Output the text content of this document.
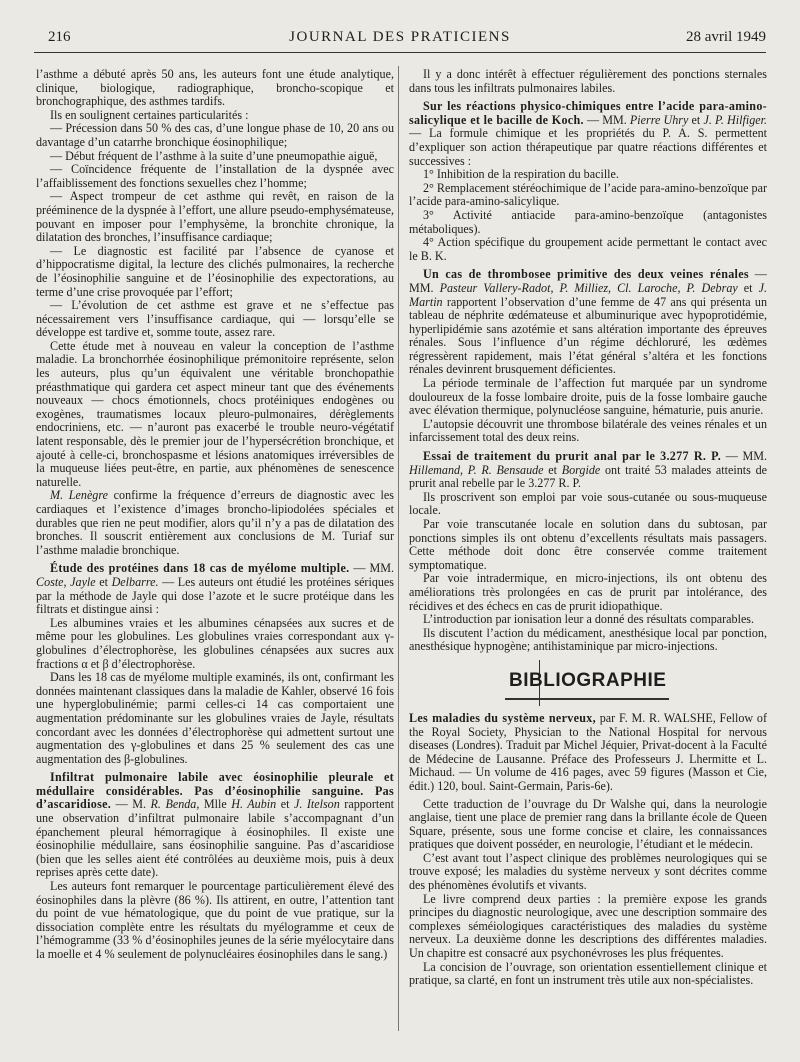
216	JOURNAL DES PRATICIENS	28 avril 1949

l’asthme a débuté après 50 ans, les auteurs font une étude analytique, clinique, biologique, radiographique, broncho-scopique et bronchographique, des asthmes tardifs.

Ils en soulignent certaines particularités :

— Précession dans 50 % des cas, d’une longue phase de 10, 20 ans ou davantage d’un catarrhe bronchique éosinophilique;

— Début fréquent de l’asthme à la suite d’une pneumopathie aiguë,

— Coïncidence fréquente de l’installation de la dyspnée avec l’affaiblissement des fonctions sexuelles chez l’homme;

— Aspect trompeur de cet asthme qui revêt, en raison de la prééminence de la dyspnée à l’effort, une allure pseudo-emphysémateuse, pouvant en imposer pour l’emphysème, la bronchite chronique, la dilatation des bronches, l’insuffisance cardiaque;

— Le diagnostic est facilité par l’absence de cyanose et d’hippocratisme digital, la lecture des clichés pulmonaires, la recherche de l’éosinophilie sanguine et de l’éosinophilie des expectorations, au terme d’une crise provoquée par l’effort;

— L’évolution de cet asthme est grave et ne s’effectue pas nécessairement vers l’insuffisance cardiaque, qui — lorsqu’elle se développe est tardive et, somme toute, assez rare.

Cette étude met à nouveau en valeur la conception de l’asthme maladie. La bronchorrhée éosinophilique prémonitoire représente, selon les auteurs, plus qu’un équivalent une véritable bronchopathie préasthmatique qui gardera cet aspect mineur tant que des événements nouveaux — chocs émotionnels, chocs protéiniques endogènes ou exogènes, traumatismes locaux pleuro-pulmonaires, dérèglements endocriniens, etc. — n’auront pas exacerbé le trouble neuro-végétatif latent responsable, dès le premier jour de l’hypersécrétion bronchique, et ajouté à celle-ci, bronchospasme et lésions anatomiques irréversibles de la muqueuse liées peut-être, en partie, aux phénomènes de senescence naturelle.

M. Lenègre confirme la fréquence d’erreurs de diagnostic avec les cardiaques et l’existence d’images broncho-lipiodolées spéciales et durables que rien ne peut modifier, alors qu’il n’y a pas de dilatation des bronches. Il souscrit entièrement aux conclusions de M. Turiaf sur l’asthme maladie bronchique.

Étude des protéines dans 18 cas de myélome multiple. — MM. Coste, Jayle et Delbarre. — Les auteurs ont étudié les protéines sériques par la méthode de Jayle qui dose l’azote et le sucre protéique dans les filtrats et distingue ainsi :

Les albumines vraies et les albumines cénapsées aux sucres et de même pour les globulines. Les globulines vraies correspondant aux γ-globulines d’électrophorèse, les globulines cénapsées aux sucres aux fractions α et β d’électrophorèse.

Dans les 18 cas de myélome multiple examinés, ils ont, confirmant les données maintenant classiques dans la maladie de Kahler, observé 16 fois une hyperglobulinémie; parmi celles-ci 14 cas comportaient une augmentation prédominante sur les globulines vraies de Jayle, résultats concordant avec les données d’électrophorèse qui admettent surtout une augmentation des γ-globulines et dans 25 % seulement des cas une augmentation des β-globulines.

Infiltrat pulmonaire labile avec éosinophilie pleurale et médullaire considérables. Pas d’éosinophilie sanguine. Pas d’ascaridiose. — M. R. Benda, Mlle H. Aubin et J. Itelson rapportent une observation d’infiltrat pulmonaire labile s’accompagnant d’un épanchement pleural hémorragique à éosinophiles. Il existe une éosinophilie médullaire, sans éosinophilie sanguine. Pas d’ascaridiose (bien que les selles aient été contrôlées au deuxième mois, puis à deux reprises après cette date).

Les auteurs font remarquer le pourcentage particulièrement élevé des éosinophiles dans la plèvre (86 %). Ils attirent, en outre, l’attention tant du point de vue hématologique, que du point de vue pratique, sur la dissociation complète entre les résultats du myélogramme et ceux de l’hémogramme (33 % d’éosinophiles jeunes de la série myélocytaire dans la moelle et 4 % seulement de polynucléaires éosinophiles dans le sang.)

Il y a donc intérêt à effectuer régulièrement des ponctions sternales dans tous les infiltrats pulmonaires labiles.

Sur les réactions physico-chimiques entre l’acide para-amino-salicylique et le bacille de Koch. — MM. Pierre Uhry et J. P. Hilfiger. — La formule chimique et les propriétés du P. A. S. permettent d’expliquer son action thérapeutique par quatre réactions différentes et successives :

1° Inhibition de la respiration du bacille.

2° Remplacement stéréochimique de l’acide para-amino-benzoïque par l’acide para-amino-salicylique.

3° Activité antiacide para-amino-benzoïque (antagonistes métaboliques).

4° Action spécifique du groupement acide permettant le contact avec le B. K.

Un cas de thrombosee primitive des deux veines rénales — MM. Pasteur Vallery-Radot, P. Milliez, Cl. Laroche, P. Debray et J. Martin rapportent l’observation d’une femme de 47 ans qui présenta un tableau de néphrite œdémateuse et albuminurique avec hypoprotidémie, hyperlipidémie sans azotémie et sans altération importante des épreuves rénales. Sous l’influence d’un régime déchloruré, les œdèmes régressèrent rapidement, mais l’état général s’altéra et les fonctions rénales devinrent brusquement déficientes.

La période terminale de l’affection fut marquée par un syndrome douloureux de la fosse lombaire droite, puis de la fosse lombaire gauche avec élévation thermique, polynucléose sanguine, hématurie, puis anurie.

L’autopsie découvrit une thrombose bilatérale des veines rénales et un infarcissement total des deux reins.

Essai de traitement du prurit anal par le 3.277 R. P. — MM. Hillemand, P. R. Bensaude et Borgide ont traité 53 malades atteints de prurit anal rebelle par le 3.277 R. P.

Ils proscrivent son emploi par voie sous-cutanée ou sous-muqueuse locale.

Par voie transcutanée locale en solution dans du subtosan, par ponctions simples ils ont obtenu d’excellents résultats mais passagers. Cette méthode doit donc être conservée comme traitement symptomatique.

Par voie intradermique, en micro-injections, ils ont obtenu des améliorations très prolongées en cas de prurit par intolérance, des récidives et des échecs en cas de prurit idiopathique.

L’introduction par ionisation leur a donné des résultats comparables.

Ils discutent l’action du médicament, anesthésique local par ponction, anesthésique hypnogène; antihistaminique par micro-injections.

BIBLIOGRAPHIE

Les maladies du système nerveux, par F. M. R. WALSHE, Fellow of the Royal Society, Physician to the National Hospital for nervous diseases (Londres). Traduit par Michel Jéquier, Privat-docent à la Faculté de Médecine de Lausanne. Préface des Professeurs J. Lhermitte et L. Michaud. — Un volume de 416 pages, avec 59 figures (Masson et Cie, édit.) 120, boul. Saint-Germain, Paris-6e).

Cette traduction de l’ouvrage du Dr Walshe qui, dans la neurologie anglaise, tient une place de premier rang dans la brillante école de Queen Square, présente, sous une forme concise et claire, les connaissances pratiques que doivent posséder, en neurologie, l’étudiant et le médecin.

C’est avant tout l’aspect clinique des problèmes neurologiques qui se trouve exposé; les maladies du système nerveux y sont décrites comme des phénomènes évolutifs et vivants.

Le livre comprend deux parties : la première expose les grands principes du diagnostic neurologique, avec une description sommaire des complexes séméiologiques caractéristiques des maladies du système nerveux. La deuxième donne les descriptions des différentes maladies. Un chapitre est consacré aux psychonévroses les plus fréquentes.

La concision de l’ouvrage, son orientation essentiellement clinique et pratique, sa clarté, en font un instrument très utile aux non-spécialistes.
